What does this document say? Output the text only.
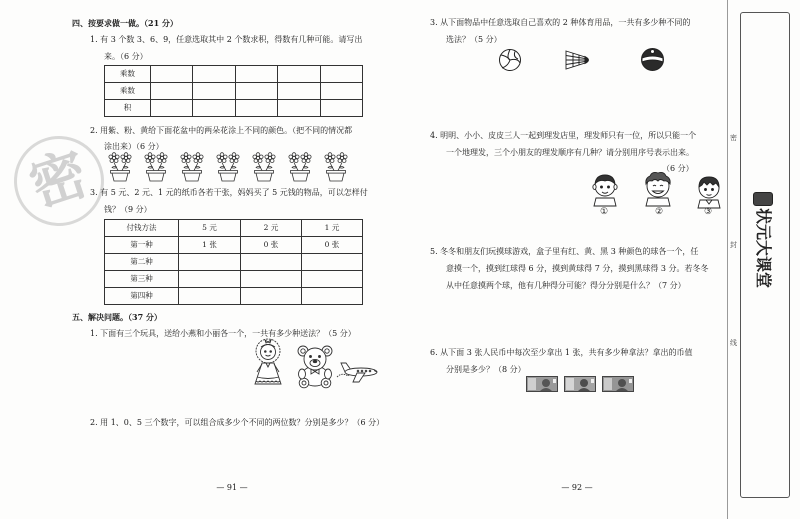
密
四、按要求做一做。（21 分）
1. 有 3 个数 3、6、9，任意选取其中 2 个数求积，得数有几种可能。请写出
来。（6 分）
乘数					
乘数					
积					
2. 用紫、粉、黄给下面花盆中的两朵花涂上不同的颜色。（把不同的情况都
涂出来）（6 分）
3. 有 5 元、2 元、1 元的纸币各若干张，妈妈买了 5 元钱的物品，可以怎样付
钱？（9 分）
付钱方法	5 元	2 元	1 元
第一种	1 张	0 张	0 张
第二种			
第三种			
第四种			
五、解决问题。（37 分）
1. 下面有三个玩具，送给小燕和小丽各一个，一共有多少种送法？（5 分）
2. 用 1、0、5 三个数字，可以组合成多少个不同的两位数？分别是多少？（6 分）
— 91 —
3. 从下面物品中任意选取自己喜欢的 2 种体育用品，一共有多少种不同的
选法？（5 分）
4. 明明、小小、皮皮三人一起到理发店里，理发师只有一位，所以只能一个
一个地理发，三个小朋友的理发顺序有几种？请分别用序号表示出来。
（6 分）
①	②	③
5. 冬冬和朋友们玩摸球游戏，盒子里有红、黄、黑 3 种颜色的球各一个，任
意摸一个，摸到红球得 6 分，摸到黄球得 7 分，摸到黑球得 3 分。若冬冬
从中任意摸两个球，他有几种得分可能？得分分别是什么？（7 分）
6. 从下面 3 张人民币中每次至少拿出 1 张，共有多少种拿法？拿出的币值
分别是多少？（8 分）
— 92 —
密
封
线
状元大课堂
